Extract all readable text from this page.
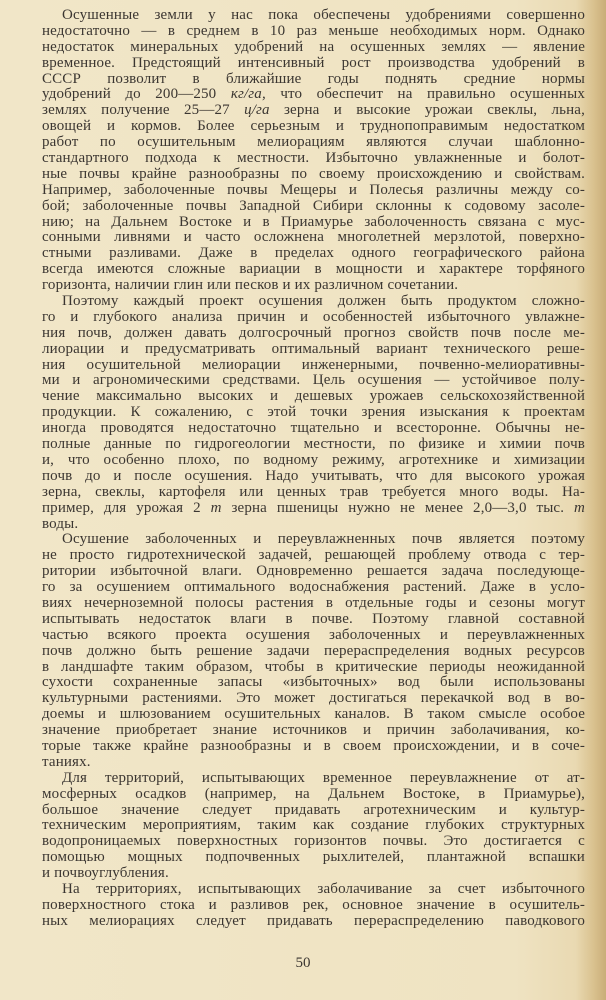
Осушенные земли у нас пока обеспечены удобрениями совершенно
недостаточно — в среднем в 10 раз меньше необходимых норм. Однако
недостаток минеральных удобрений на осушенных землях — явление
временное. Предстоящий интенсивный рост производства удобрений в
СССР позволит в ближайшие годы поднять средние нормы
удобрений до 200—250 кг/га, что обеспечит на правильно осушенных
землях получение 25—27 ц/га зерна и высокие урожаи свеклы, льна,
овощей и кормов. Более серьезным и труднопоправимым недостатком
работ по осушительным мелиорациям являются случаи шаблонно-
стандартного подхода к местности. Избыточно увлажненные и болот-
ные почвы крайне разнообразны по своему происхождению и свойствам.
Например, заболоченные почвы Мещеры и Полесья различны между со-
бой; заболоченные почвы Западной Сибири склонны к содовому засоле-
нию; на Дальнем Востоке и в Приамурье заболоченность связана с мус-
сонными ливнями и часто осложнена многолетней мерзлотой, поверхно-
стными разливами. Даже в пределах одного географического района
всегда имеются сложные вариации в мощности и характере торфяного
горизонта, наличии глин или песков и их различном сочетании.
Поэтому каждый проект осушения должен быть продуктом сложно-
го и глубокого анализа причин и особенностей избыточного увлажне-
ния почв, должен давать долгосрочный прогноз свойств почв после ме-
лиорации и предусматривать оптимальный вариант технического реше-
ния осушительной мелиорации инженерными, почвенно-мелиоративны-
ми и агрономическими средствами. Цель осушения — устойчивое полу-
чение максимально высоких и дешевых урожаев сельскохозяйственной
продукции. К сожалению, с этой точки зрения изыскания к проектам
иногда проводятся недостаточно тщательно и всесторонне. Обычны не-
полные данные по гидрогеологии местности, по физике и химии почв
и, что особенно плохо, по водному режиму, агротехнике и химизации
почв до и после осушения. Надо учитывать, что для высокого урожая
зерна, свеклы, картофеля или ценных трав требуется много воды. На-
пример, для урожая 2 т зерна пшеницы нужно не менее 2,0—3,0 тыс. т
воды.
Осушение заболоченных и переувлажненных почв является поэтому
не просто гидротехнической задачей, решающей проблему отвода с тер-
ритории избыточной влаги. Одновременно решается задача последующе-
го за осушением оптимального водоснабжения растений. Даже в усло-
виях нечерноземной полосы растения в отдельные годы и сезоны могут
испытывать недостаток влаги в почве. Поэтому главной составной
частью всякого проекта осушения заболоченных и переувлажненных
почв должно быть решение задачи перераспределения водных ресурсов
в ландшафте таким образом, чтобы в критические периоды неожиданной
сухости сохраненные запасы «избыточных» вод были использованы
культурными растениями. Это может достигаться перекачкой вод в во-
доемы и шлюзованием осушительных каналов. В таком смысле особое
значение приобретает знание источников и причин заболачивания, ко-
торые также крайне разнообразны и в своем происхождении, и в соче-
таниях.
Для территорий, испытывающих временное переувлажнение от ат-
мосферных осадков (например, на Дальнем Востоке, в Приамурье),
большое значение следует придавать агротехническим и культур-
техническим мероприятиям, таким как создание глубоких структурных
водопроницаемых поверхностных горизонтов почвы. Это достигается с
помощью мощных подпочвенных рыхлителей, плантажной вспашки
и почвоуглубления.
На территориях, испытывающих заболачивание за счет избыточного
поверхностного стока и разливов рек, основное значение в осушитель-
ных мелиорациях следует придавать перераспределению паводкового
50
